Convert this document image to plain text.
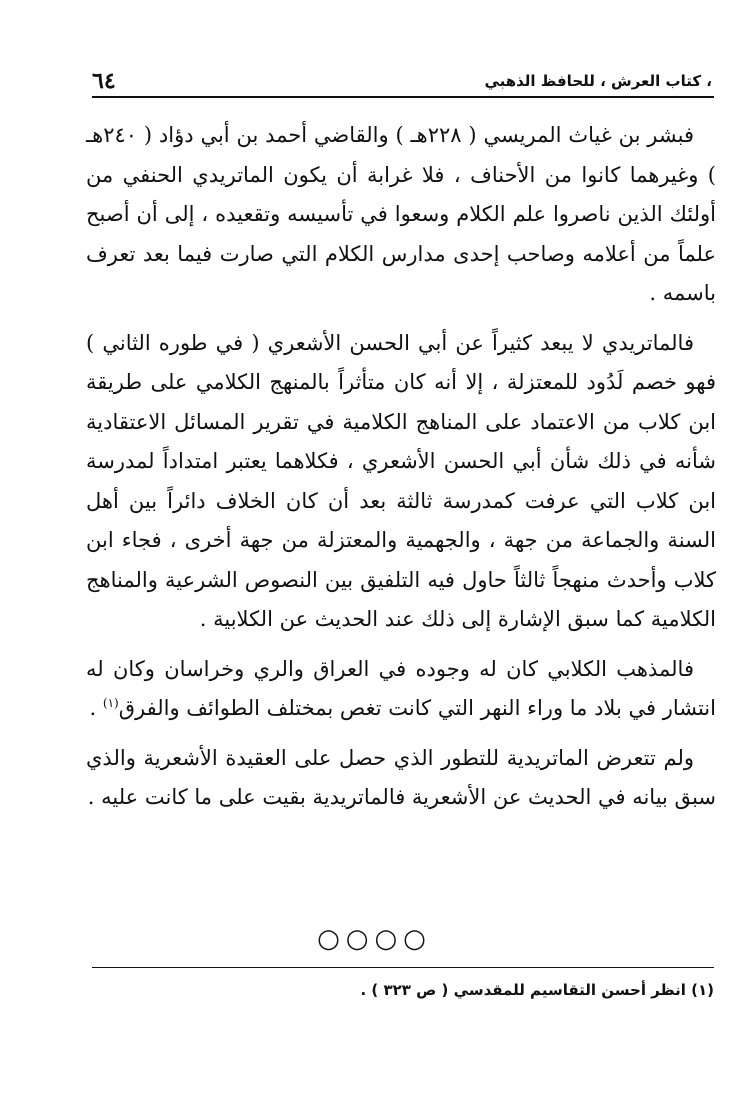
، كتاب العرش ، للحافظ الذهبي
٦٤

فبشر بن غياث المريسي ( ٢٢٨هـ ) والقاضي أحمد بن أبي دؤاد ( ٢٤٠هـ ) وغيرهما كانوا من الأحناف ، فلا غرابة أن يكون الماتريدي الحنفي من أولئك الذين ناصروا علم الكلام وسعوا في تأسيسه وتقعيده ، إلى أن أصبح علماً من أعلامه وصاحب إحدى مدارس الكلام التي صارت فيما بعد تعرف باسمه .

فالماتريدي لا يبعد كثيراً عن أبي الحسن الأشعري ( في طوره الثاني ) فهو خصم لَدُود للمعتزلة ، إلا أنه كان متأثراً بالمنهج الكلامي على طريقة ابن كلاب من الاعتماد على المناهج الكلامية في تقرير المسائل الاعتقادية شأنه في ذلك شأن أبي الحسن الأشعري ، فكلاهما يعتبر امتداداً لمدرسة ابن كلاب التي عرفت كمدرسة ثالثة بعد أن كان الخلاف دائراً بين أهل السنة والجماعة من جهة ، والجهمية والمعتزلة من جهة أخرى ، فجاء ابن كلاب وأحدث منهجاً ثالثاً حاول فيه التلفيق بين النصوص الشرعية والمناهج الكلامية كما سبق الإشارة إلى ذلك عند الحديث عن الكلابية .

فالمذهب الكلابي كان له وجوده في العراق والري وخراسان وكان له انتشار في بلاد ما وراء النهر التي كانت تغص بمختلف الطوائف والفرق$^{(١)}$ .

ولم تتعرض الماتريدية للتطور الذي حصل على العقيدة الأشعرية والذي سبق بيانه في الحديث عن الأشعرية فالماتريدية بقيت على ما كانت عليه .

○○○○
(١) انظر أحسن التقاسيم للمقدسي ( ص ٣٢٣ ) .
